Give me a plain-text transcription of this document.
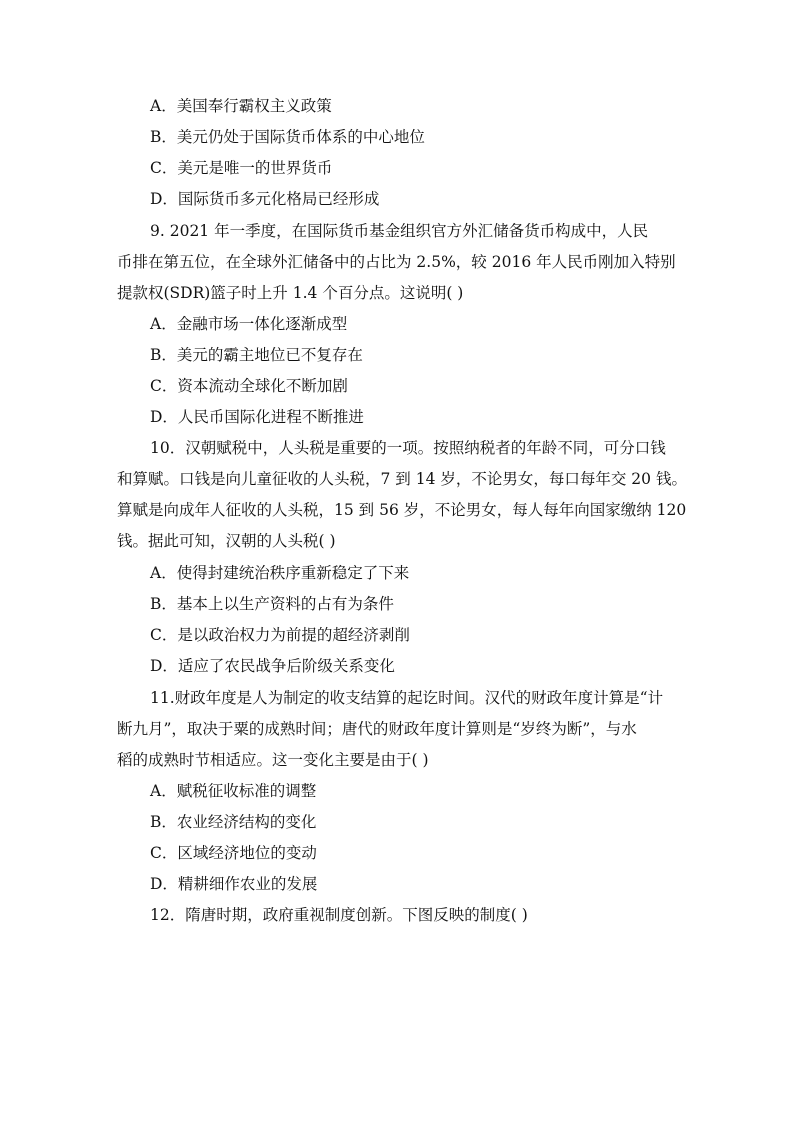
A．美国奉行霸权主义政策
B．美元仍处于国际货币体系的中心地位
C．美元是唯一的世界货币
D．国际货币多元化格局已经形成
9. 2021 年一季度，在国际货币基金组织官方外汇储备货币构成中，人民
币排在第五位，在全球外汇储备中的占比为 2.5%，较 2016 年人民币刚加入特别
提款权(SDR)篮子时上升 1.4 个百分点。这说明( )
A．金融市场一体化逐渐成型
B．美元的霸主地位已不复存在
C．资本流动全球化不断加剧
D．人民币国际化进程不断推进
10．汉朝赋税中，人头税是重要的一项。按照纳税者的年龄不同，可分口钱
和算赋。口钱是向儿童征收的人头税，7 到 14 岁，不论男女，每口每年交 20 钱。
算赋是向成年人征收的人头税，15 到 56 岁，不论男女，每人每年向国家缴纳 120
钱。据此可知，汉朝的人头税( )
A．使得封建统治秩序重新稳定了下来
B．基本上以生产资料的占有为条件
C．是以政治权力为前提的超经济剥削
D．适应了农民战争后阶级关系变化
11.财政年度是人为制定的收支结算的起讫时间。汉代的财政年度计算是“计
断九月”，取决于粟的成熟时间；唐代的财政年度计算则是“岁终为断”，与水
稻的成熟时节相适应。这一变化主要是由于( )
A．赋税征收标准的调整
B．农业经济结构的变化
C．区域经济地位的变动
D．精耕细作农业的发展
12．隋唐时期，政府重视制度创新。下图反映的制度( )
